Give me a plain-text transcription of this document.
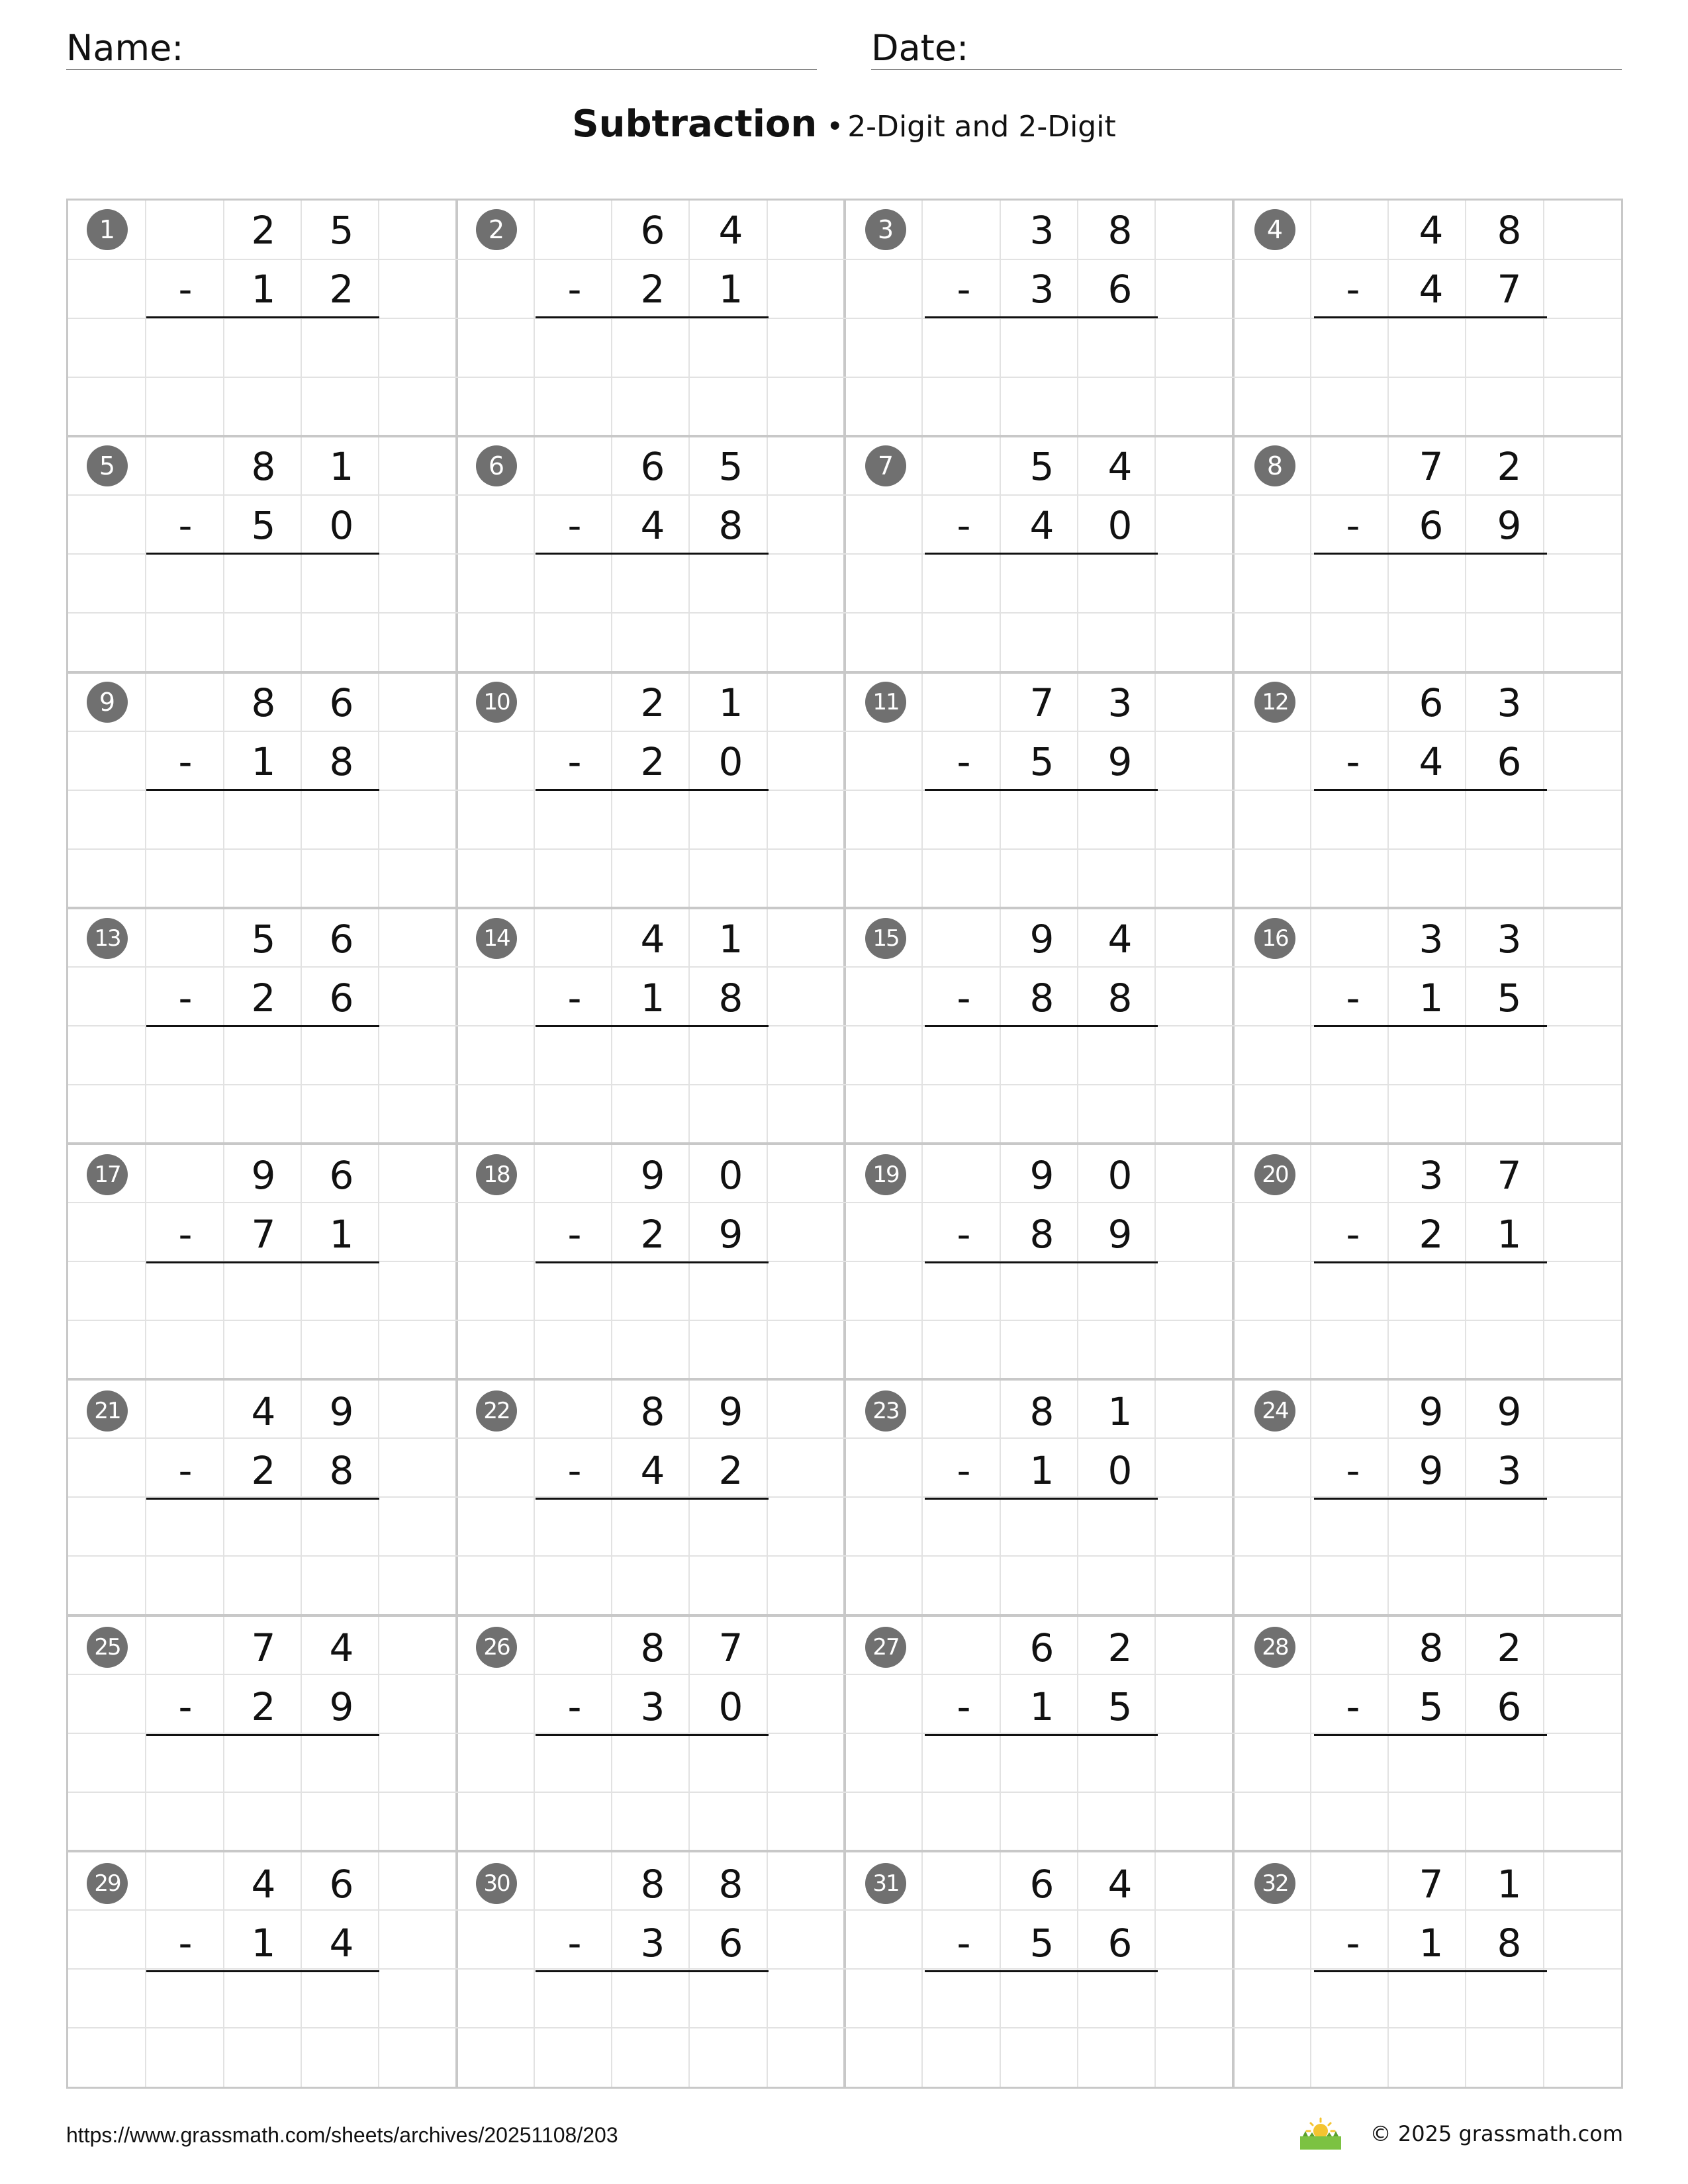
Name:	Date:
Subtraction • 2-Digit and 2-Digit
1	2	5
-	1	2
2	6	4
-	2	1
3	3	8
-	3	6
4	4	8
-	4	7
5	8	1
-	5	0
6	6	5
-	4	8
7	5	4
-	4	0
8	7	2
-	6	9
9	8	6
-	1	8
10	2	1
-	2	0
11	7	3
-	5	9
12	6	3
-	4	6
13	5	6
-	2	6
14	4	1
-	1	8
15	9	4
-	8	8
16	3	3
-	1	5
17	9	6
-	7	1
18	9	0
-	2	9
19	9	0
-	8	9
20	3	7
-	2	1
21	4	9
-	2	8
22	8	9
-	4	2
23	8	1
-	1	0
24	9	9
-	9	3
25	7	4
-	2	9
26	8	7
-	3	0
27	6	2
-	1	5
28	8	2
-	5	6
29	4	6
-	1	4
30	8	8
-	3	6
31	6	4
-	5	6
32	7	1
-	1	8
https://www.grassmath.com/sheets/archives/20251108/203	© 2025 grassmath.com
